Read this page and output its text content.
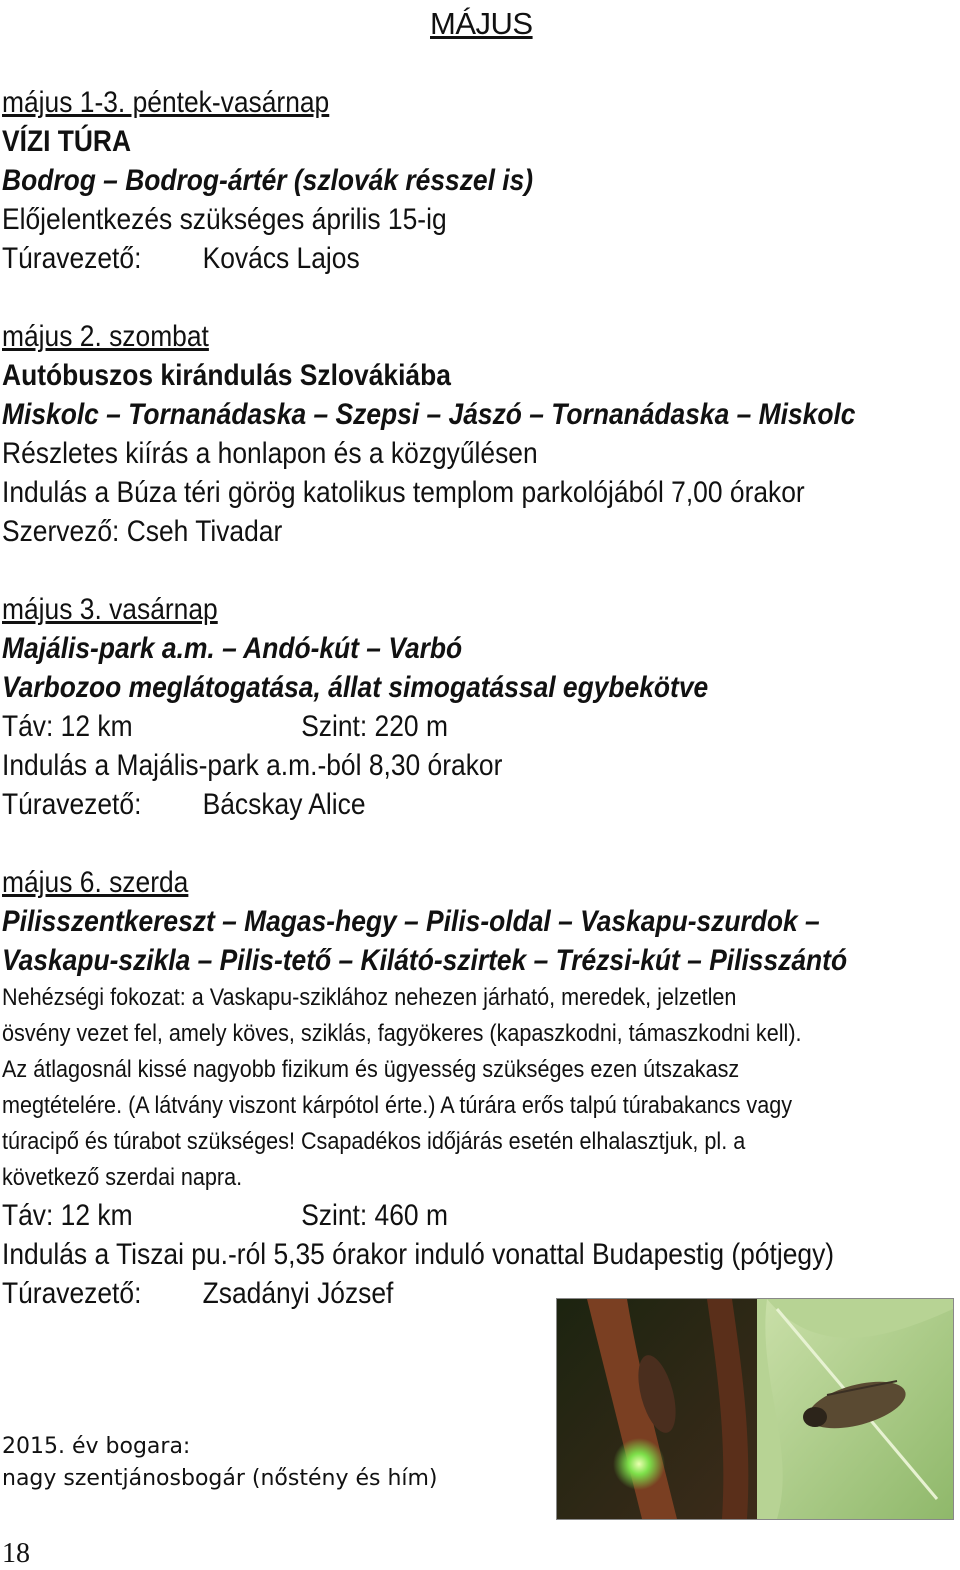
MÁJUS
május 1-3. péntek-vasárnap
VÍZI TÚRA
Bodrog – Bodrog-ártér (szlovák résszel is)
Előjelentkezés szükséges április 15-ig
Túravezető: Kovács Lajos
május 2. szombat
Autóbuszos kirándulás Szlovákiába
Miskolc – Tornanádaska – Szepsi – Jászó – Tornanádaska – Miskolc
Részletes kiírás a honlapon és a közgyűlésen
Indulás a Búza téri görög katolikus templom parkolójából 7,00 órakor
Szervező: Cseh Tivadar
május 3. vasárnap
Majális-park a.m. – Andó-kút – Varbó
Varbozoo meglátogatása, állat simogatással egybekötve
Táv: 12 km	Szint: 220 m
Indulás a Majális-park a.m.-ból 8,30 órakor
Túravezető: Bácskay Alice
május 6. szerda
Pilisszentkereszt – Magas-hegy – Pilis-oldal – Vaskapu-szurdok –
Vaskapu-szikla – Pilis-tető – Kilátó-szirtek – Trézsi-kút – Pilisszántó
Nehézségi fokozat: a Vaskapu-sziklához nehezen járható, meredek, jelzetlen
ösvény vezet fel, amely köves, sziklás, fagyökeres (kapaszkodni, támaszkodni kell).
Az átlagosnál kissé nagyobb fizikum és ügyesség szükséges ezen útszakasz
megtételére. (A látvány viszont kárpótol érte.) A túrára erős talpú túrabakancs vagy
túracipő és túrabot szükséges! Csapadékos időjárás esetén elhalasztjuk, pl. a
következő szerdai napra.
Táv: 12 km	Szint: 460 m
Indulás a Tiszai pu.-ról 5,35 órakor induló vonattal Budapestig (pótjegy)
Túravezető: Zsadányi József
2015. év bogara:
nagy szentjánosbogár (nőstény és hím)
18
